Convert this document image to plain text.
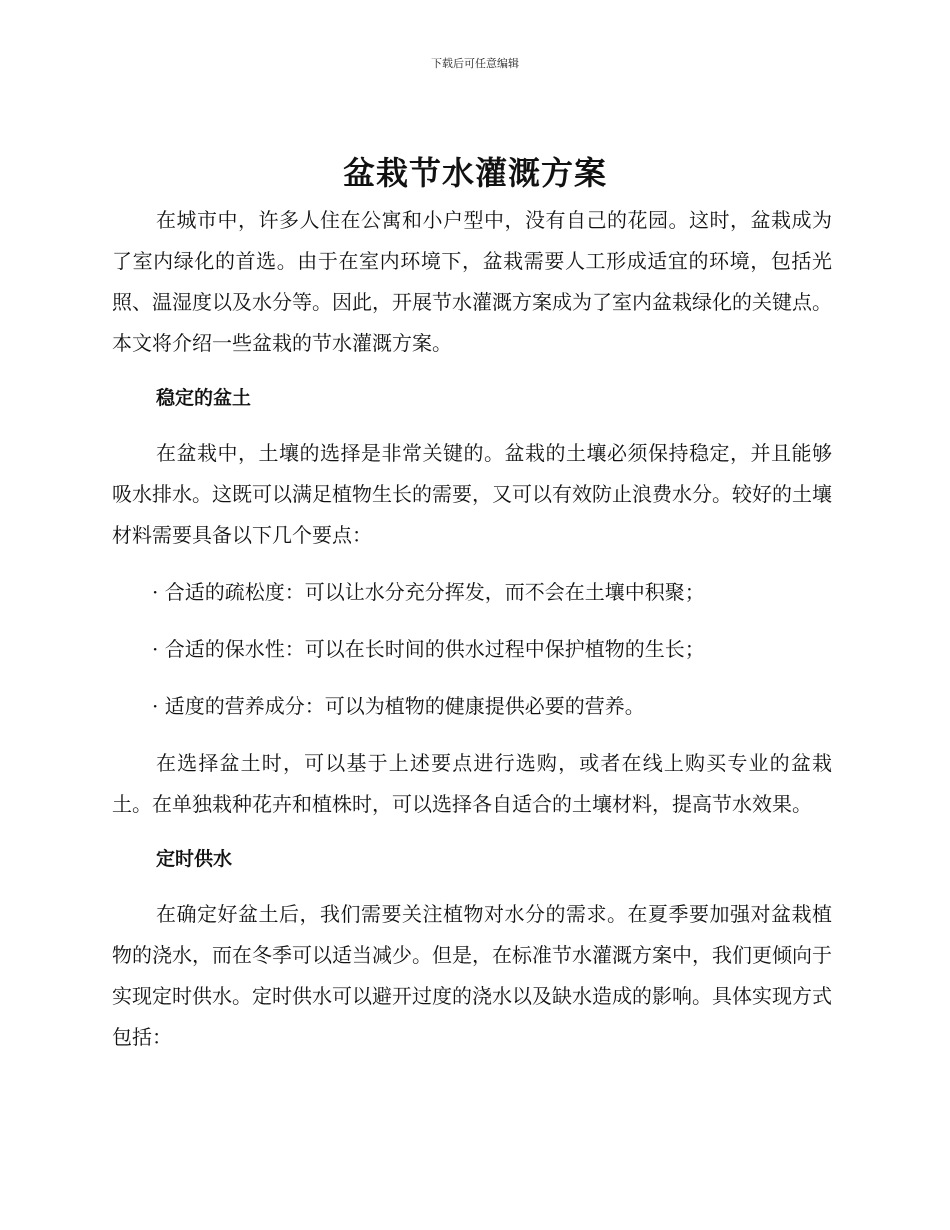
下载后可任意编辑
盆栽节水灌溉方案

在城市中，许多人住在公寓和小户型中，没有自己的花园。这时，盆栽成为了室内绿化的首选。由于在室内环境下，盆栽需要人工形成适宜的环境，包括光照、温湿度以及水分等。因此，开展节水灌溉方案成为了室内盆栽绿化的关键点。本文将介绍一些盆栽的节水灌溉方案。

稳定的盆土

在盆栽中，土壤的选择是非常关键的。盆栽的土壤必须保持稳定，并且能够吸水排水。这既可以满足植物生长的需要，又可以有效防止浪费水分。较好的土壤材料需要具备以下几个要点：

· 合适的疏松度：可以让水分充分挥发，而不会在土壤中积聚；

· 合适的保水性：可以在长时间的供水过程中保护植物的生长；

· 适度的营养成分：可以为植物的健康提供必要的营养。

在选择盆土时，可以基于上述要点进行选购，或者在线上购买专业的盆栽土。在单独栽种花卉和植株时，可以选择各自适合的土壤材料，提高节水效果。

定时供水

在确定好盆土后，我们需要关注植物对水分的需求。在夏季要加强对盆栽植物的浇水，而在冬季可以适当减少。但是，在标准节水灌溉方案中，我们更倾向于实现定时供水。定时供水可以避开过度的浇水以及缺水造成的影响。具体实现方式包括：
